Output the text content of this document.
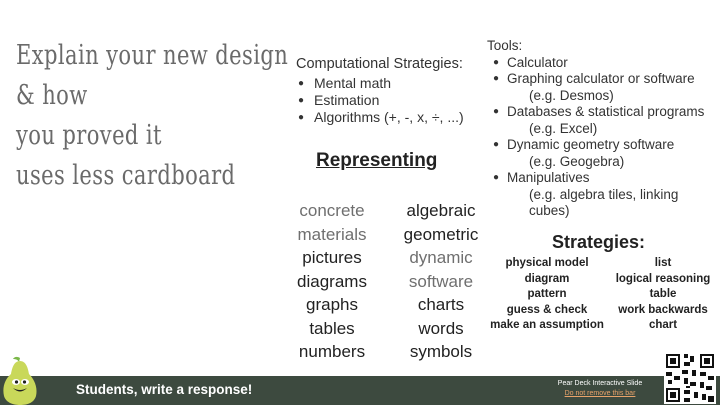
Explain your new design
& how
you proved it
uses less cardboard
Computational Strategies:
● Mental math
● Estimation
● Algorithms (+, -, x, ÷, ...)
Tools:
● Calculator
● Graphing calculator or software
(e.g. Desmos)
● Databases & statistical programs
(e.g. Excel)
● Dynamic geometry software
(e.g. Geogebra)
● Manipulatives
(e.g. algebra tiles, linking cubes)
Representing
concrete
materials
pictures
diagrams
graphs
tables
numbers
algebraic
geometric
dynamic
software
charts
words
symbols
Strategies:
physical model
diagram
pattern
guess & check
make an assumption
list
logical reasoning
table
work backwards
chart
Students, write a response!	Pear Deck Interactive Slide
Do not remove this bar
